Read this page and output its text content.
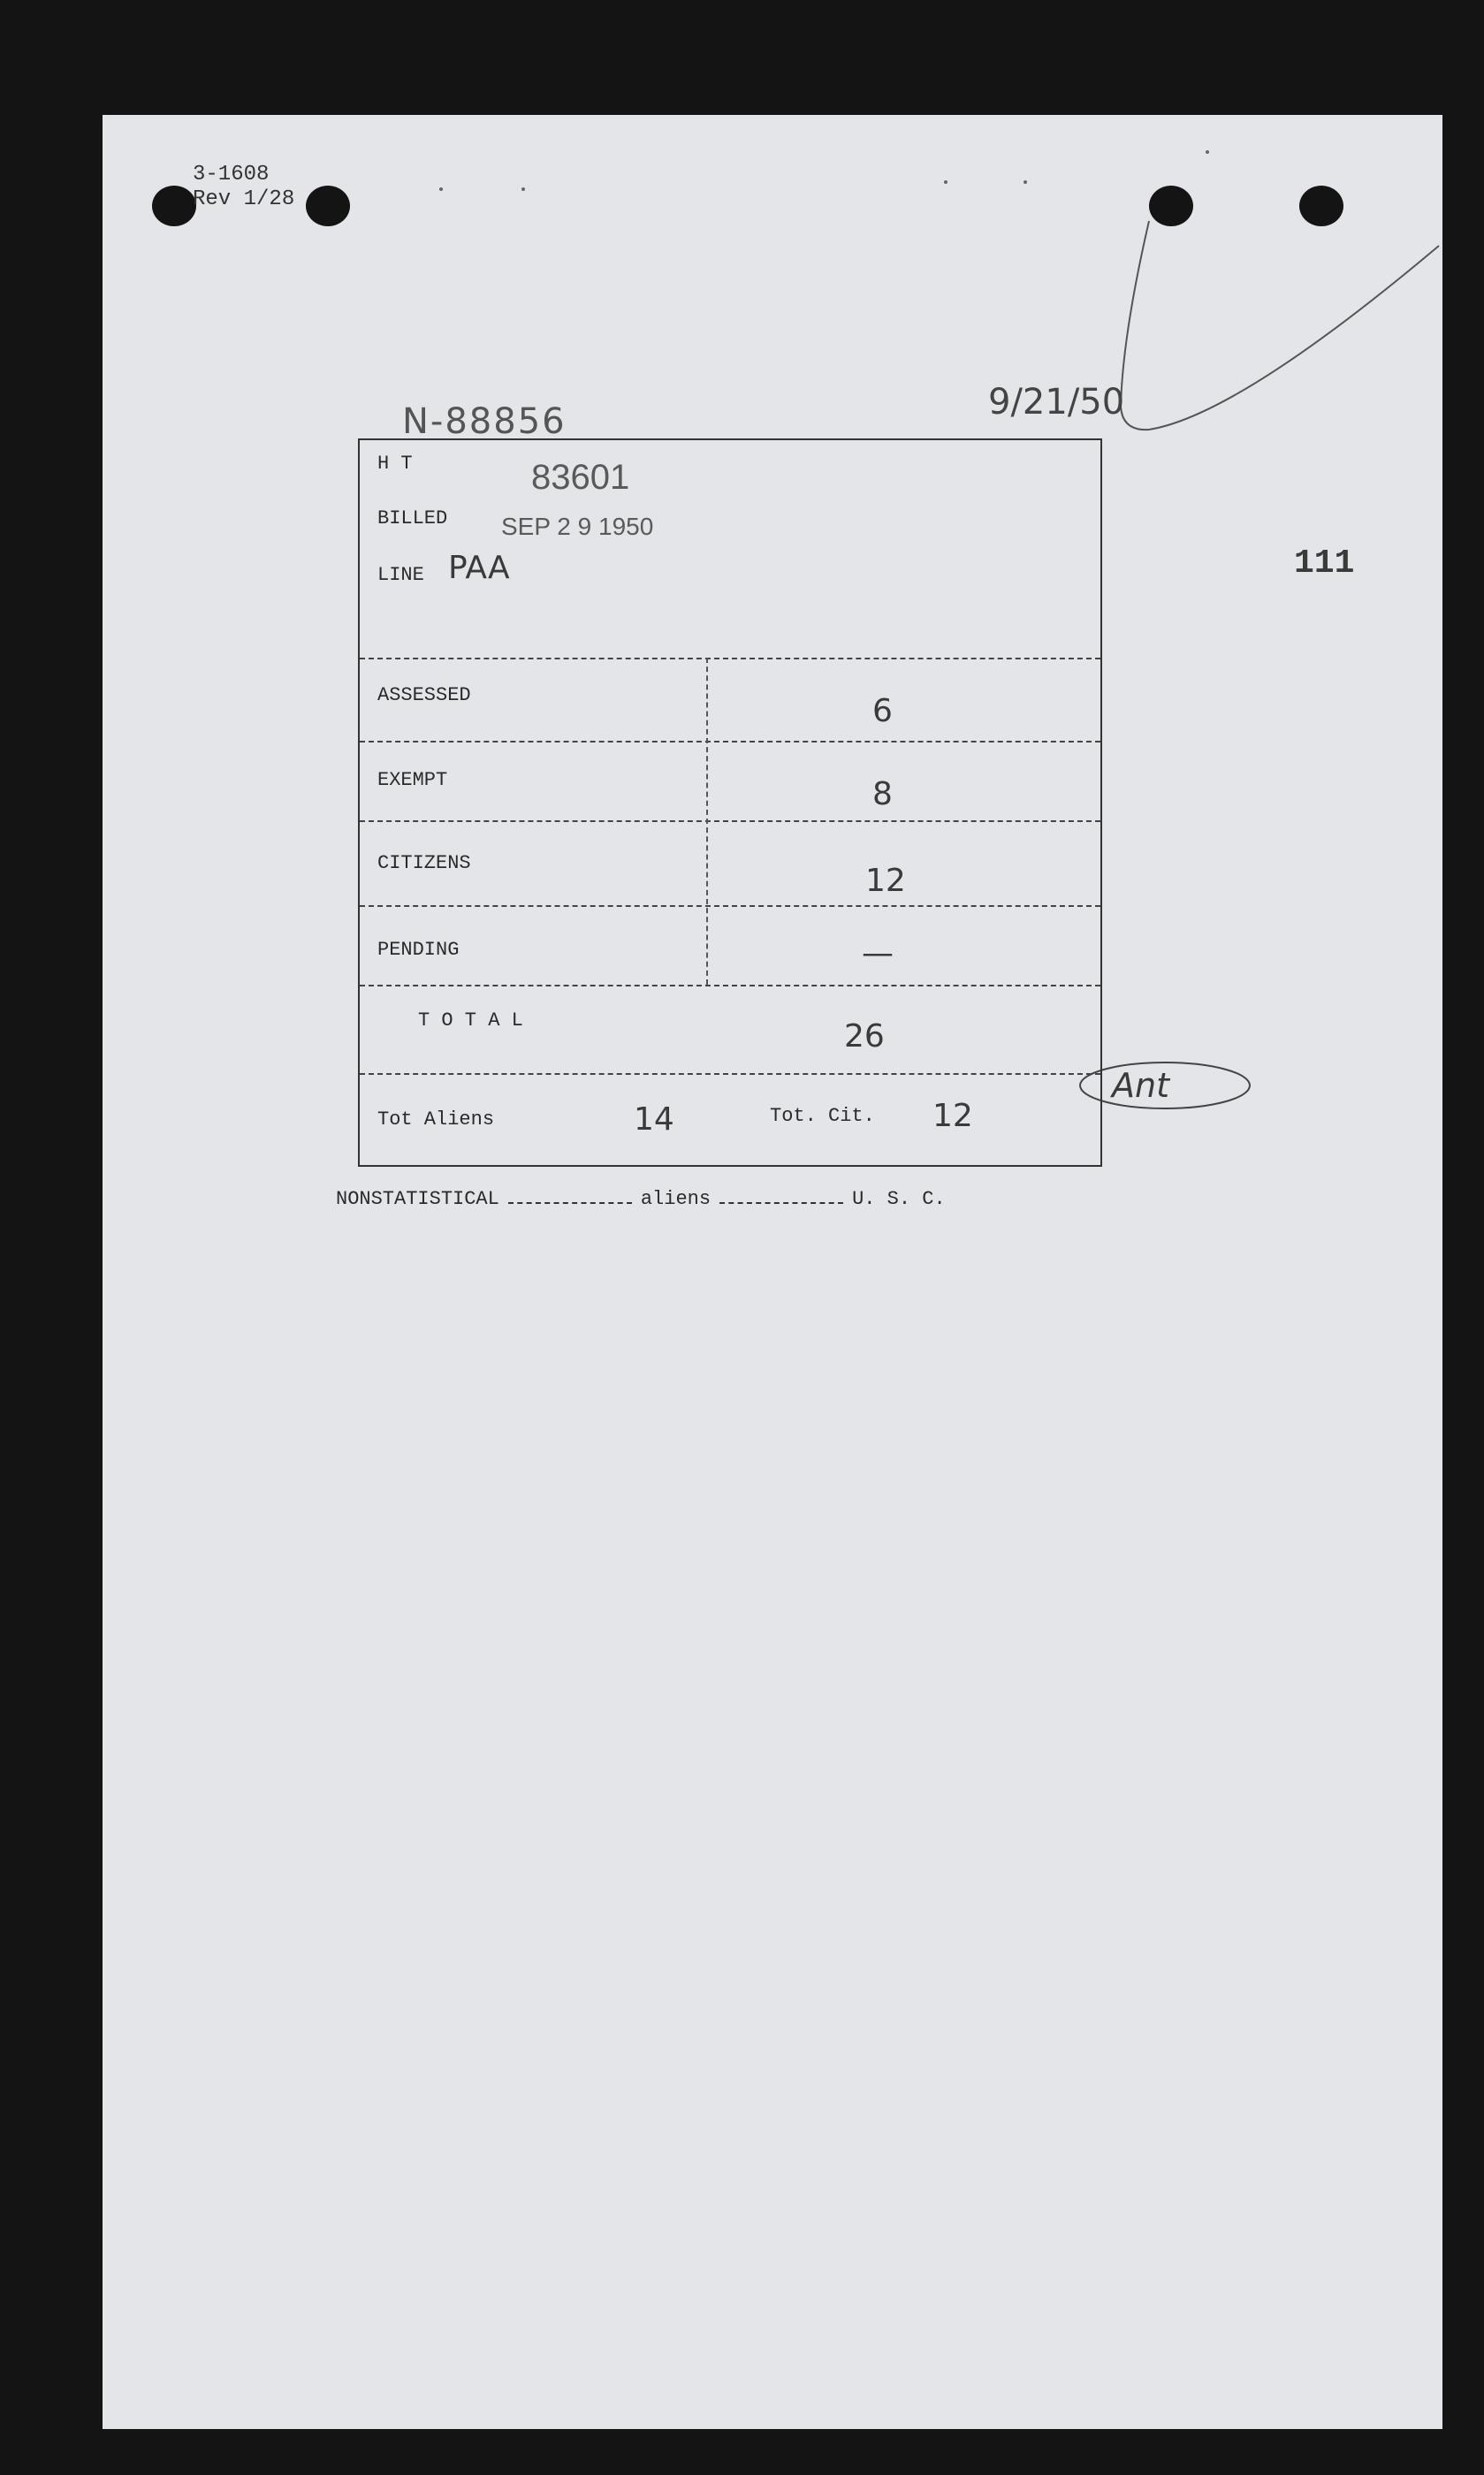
3-1608
Rev 1/28
N-88856	9/21/50
Ant
111
H T	83601
BILLED SEP 2 9 1950
LINE PAA
ASSESSED	6
EXEMPT	8
CITIZENS	12
PENDING	—
T O T A L	26
Tot Aliens	14	Tot. Cit. 12
NONSTATISTICAL	aliens	U. S. C.
